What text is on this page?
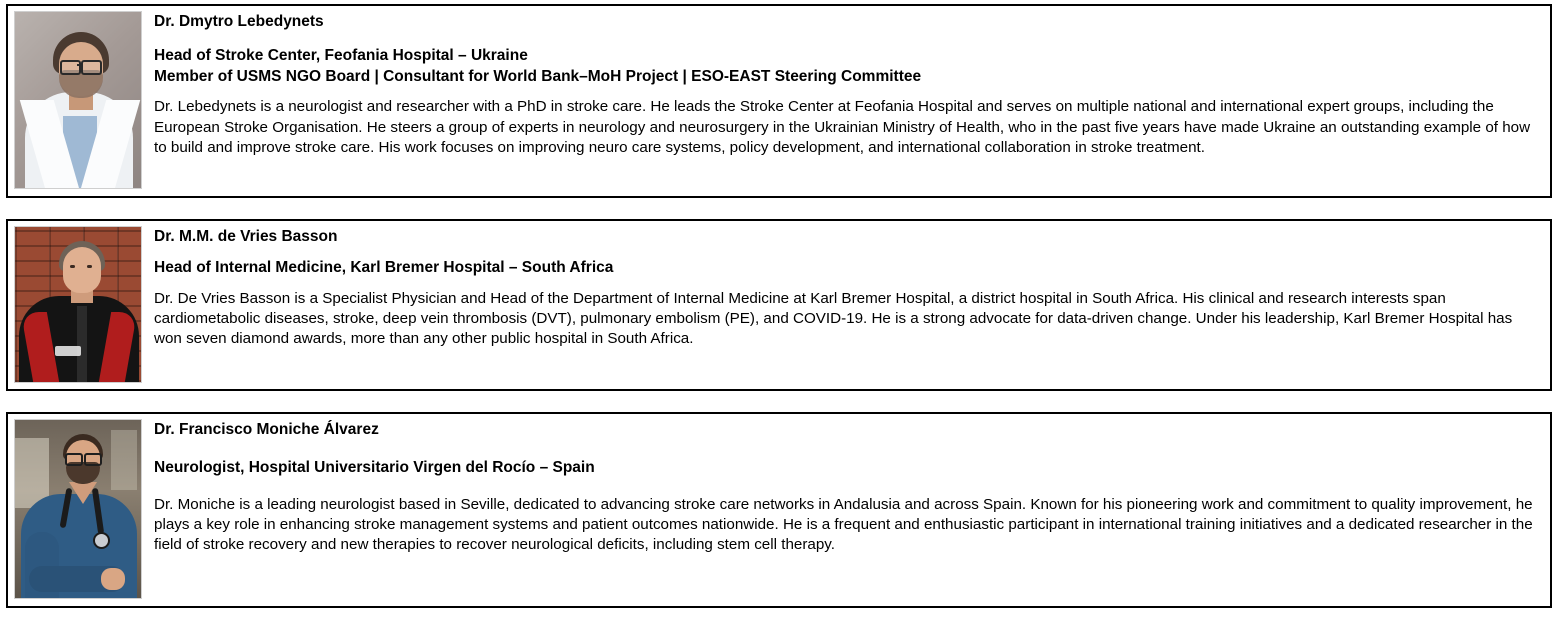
Dr. Dmytro Lebedynets

Head of Stroke Center, Feofania Hospital – Ukraine
Member of USMS NGO Board | Consultant for World Bank–MoH Project | ESO-EAST Steering Committee

Dr. Lebedynets is a neurologist and researcher with a PhD in stroke care. He leads the Stroke Center at Feofania Hospital and serves on multiple national and international expert groups, including the European Stroke Organisation. He steers a group of experts in neurology and neurosurgery in the Ukrainian Ministry of Health, who in the past five years have made Ukraine an outstanding example of how to build and improve stroke care. His work focuses on improving neuro care systems, policy development, and international collaboration in stroke treatment.

Dr. M.M. de Vries Basson

Head of Internal Medicine, Karl Bremer Hospital – South Africa

Dr. De Vries Basson is a Specialist Physician and Head of the Department of Internal Medicine at Karl Bremer Hospital, a district hospital in South Africa. His clinical and research interests span cardiometabolic diseases, stroke, deep vein thrombosis (DVT), pulmonary embolism (PE), and COVID-19. He is a strong advocate for data-driven change. Under his leadership, Karl Bremer Hospital has won seven diamond awards, more than any other public hospital in South Africa.

Dr. Francisco Moniche Álvarez

Neurologist, Hospital Universitario Virgen del Rocío – Spain

Dr. Moniche is a leading neurologist based in Seville, dedicated to advancing stroke care networks in Andalusia and across Spain. Known for his pioneering work and commitment to quality improvement, he plays a key role in enhancing stroke management systems and patient outcomes nationwide. He is a frequent and enthusiastic participant in international training initiatives and a dedicated researcher in the field of stroke recovery and new therapies to recover neurological deficits, including stem cell therapy.
